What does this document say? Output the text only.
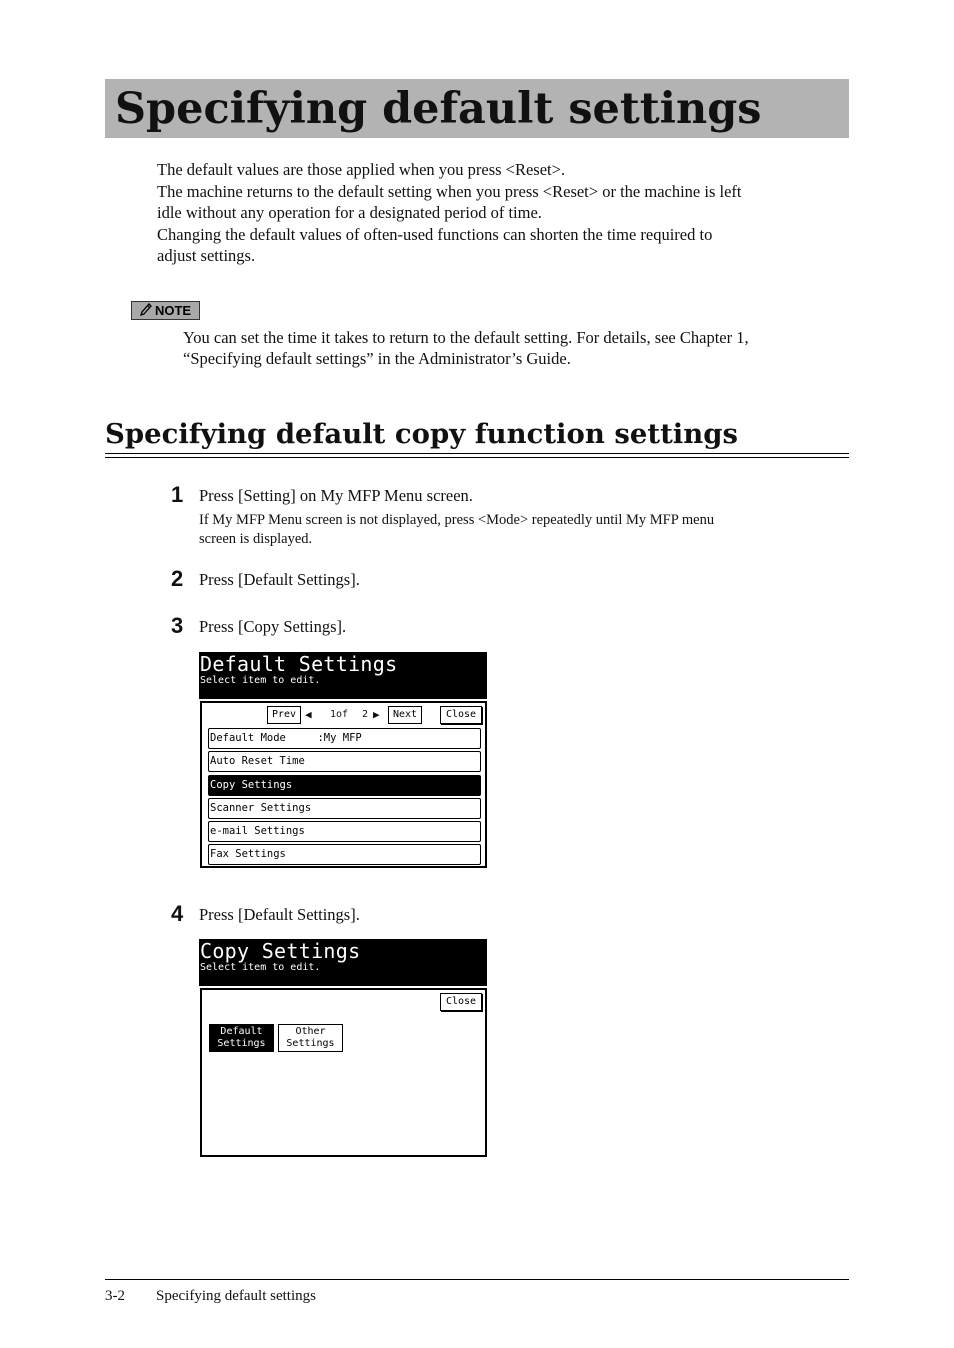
Specifying default settings
The default values are those applied when you press <Reset>.
The machine returns to the default setting when you press <Reset> or the machine is left
idle without any operation for a designated period of time.
Changing the default values of often-used functions can shorten the time required to
adjust settings.
NOTE
You can set the time it takes to return to the default setting. For details, see Chapter 1,
“Specifying default settings” in the Administrator’s Guide.
Specifying default copy function settings
1 Press [Setting] on My MFP Menu screen.
If My MFP Menu screen is not displayed, press <Mode> repeatedly until My MFP menu
screen is displayed.
2 Press [Default Settings].
3 Press [Copy Settings].
Default Settings
Select item to edit.
Prev ◀ 1of 2 ▶	Next	Close
Default Mode     :My MFP
Auto Reset Time
Copy Settings
Scanner Settings
e-mail Settings
Fax Settings
4 Press [Default Settings].
Copy Settings
Select item to edit.
Close
Default
Settings
Other
Settings
3-2 Specifying default settings
